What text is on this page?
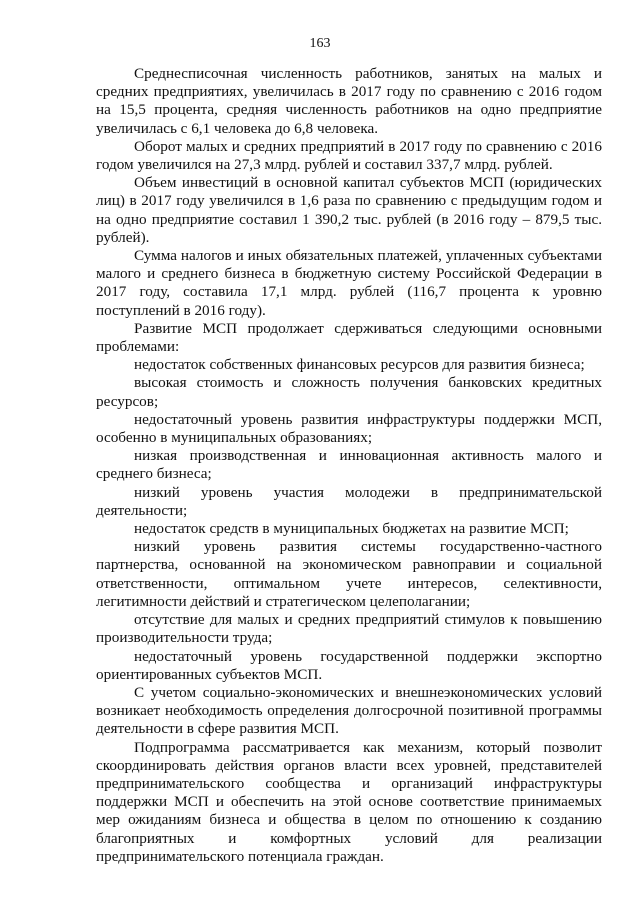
163

Среднесписочная численность работников, занятых на малых и средних предприятиях, увеличилась в 2017 году по сравнению с 2016 годом на 15,5 процента, средняя численность работников на одно предприятие увеличилась с 6,1 человека до 6,8 человека.

Оборот малых и средних предприятий в 2017 году по сравнению с 2016 годом увеличился на 27,3 млрд. рублей и составил 337,7 млрд. рублей.

Объем инвестиций в основной капитал субъектов МСП (юридических лиц) в 2017 году увеличился в 1,6 раза по сравнению с предыдущим годом и на одно предприятие составил 1 390,2 тыс. рублей (в 2016 году – 879,5 тыс. рублей).

Сумма налогов и иных обязательных платежей, уплаченных субъектами малого и среднего бизнеса в бюджетную систему Российской Федерации в 2017 году, составила 17,1 млрд. рублей (116,7 процента к уровню поступлений в 2016 году).

Развитие МСП продолжает сдерживаться следующими основными проблемами:

недостаток собственных финансовых ресурсов для развития бизнеса;

высокая стоимость и сложность получения банковских кредитных ресурсов;

недостаточный уровень развития инфраструктуры поддержки МСП, особенно в муниципальных образованиях;

низкая производственная и инновационная активность малого и среднего бизнеса;

низкий уровень участия молодежи в предпринимательской деятельности;

недостаток средств в муниципальных бюджетах на развитие МСП;

низкий уровень развития системы государственно-частного партнерства, основанной на экономическом равноправии и социальной ответственности, оптимальном учете интересов, селективности, легитимности действий и стратегическом целеполагании;

отсутствие для малых и средних предприятий стимулов к повышению производительности труда;

недостаточный уровень государственной поддержки экспортно ориентированных субъектов МСП.

С учетом социально-экономических и внешнеэкономических условий возникает необходимость определения долгосрочной позитивной программы деятельности в сфере развития МСП.

Подпрограмма рассматривается как механизм, который позволит скоординировать действия органов власти всех уровней, представителей предпринимательского сообщества и организаций инфраструктуры поддержки МСП и обеспечить на этой основе соответствие принимаемых мер ожиданиям бизнеса и общества в целом по отношению к созданию благоприятных и комфортных условий для реализации предпринимательского потенциала граждан.
